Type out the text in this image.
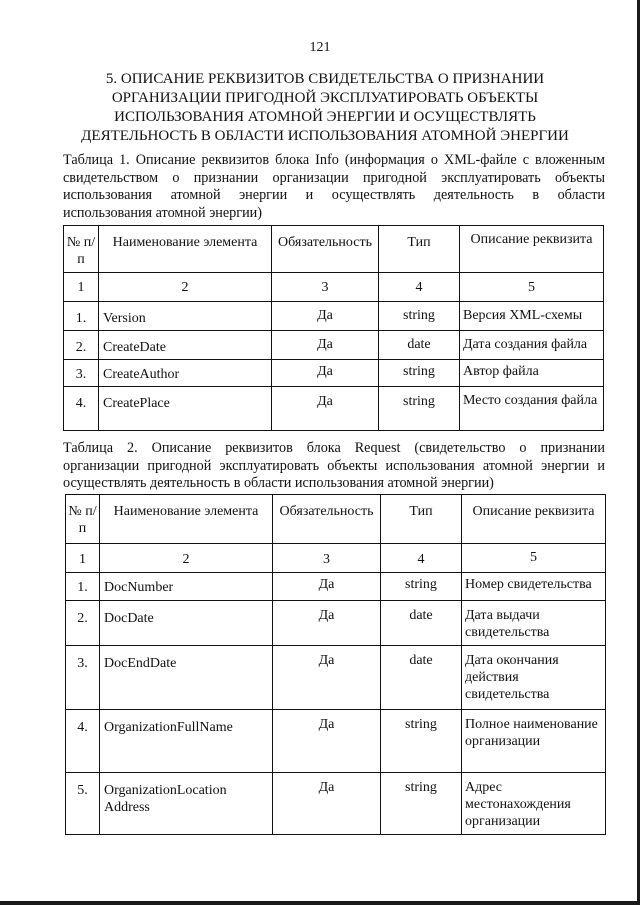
121
5. ОПИСАНИЕ РЕКВИЗИТОВ СВИДЕТЕЛЬСТВА О ПРИЗНАНИИ
ОРГАНИЗАЦИИ ПРИГОДНОЙ ЭКСПЛУАТИРОВАТЬ ОБЪЕКТЫ
ИСПОЛЬЗОВАНИЯ АТОМНОЙ ЭНЕРГИИ И ОСУЩЕСТВЛЯТЬ
ДЕЯТЕЛЬНОСТЬ В ОБЛАСТИ ИСПОЛЬЗОВАНИЯ АТОМНОЙ ЭНЕРГИИ
Таблица 1. Описание реквизитов блока Info (информация о XML-файле с вложенным
свидетельством о признании организации пригодной эксплуатировать объекты
использования атомной энергии и осуществлять деятельность в области
использования атомной энергии)
№ п/п	Наименование элемента	Обязательность	Тип	Описание реквизита
1	2	3	4	5
1.	Version	Да	string	Версия XML-схемы
2.	CreateDate	Да	date	Дата создания файла
3.	CreateAuthor	Да	string	Автор файла
4.	CreatePlace	Да	string	Место создания файла
Таблица 2. Описание реквизитов блока Request (свидетельство о признании
организации пригодной эксплуатировать объекты использования атомной энергии и
осуществлять деятельность в области использования атомной энергии)
№ п/п	Наименование элемента	Обязательность	Тип	Описание реквизита
1	2	3	4	5
1.	DocNumber	Да	string	Номер свидетельства
2.	DocDate	Да	date	Дата выдачи свидетельства
3.	DocEndDate	Да	date	Дата окончания действия свидетельства
4.	OrganizationFullName	Да	string	Полное наименование организации
5.	OrganizationLocation Address	Да	string	Адрес местонахождения организации
